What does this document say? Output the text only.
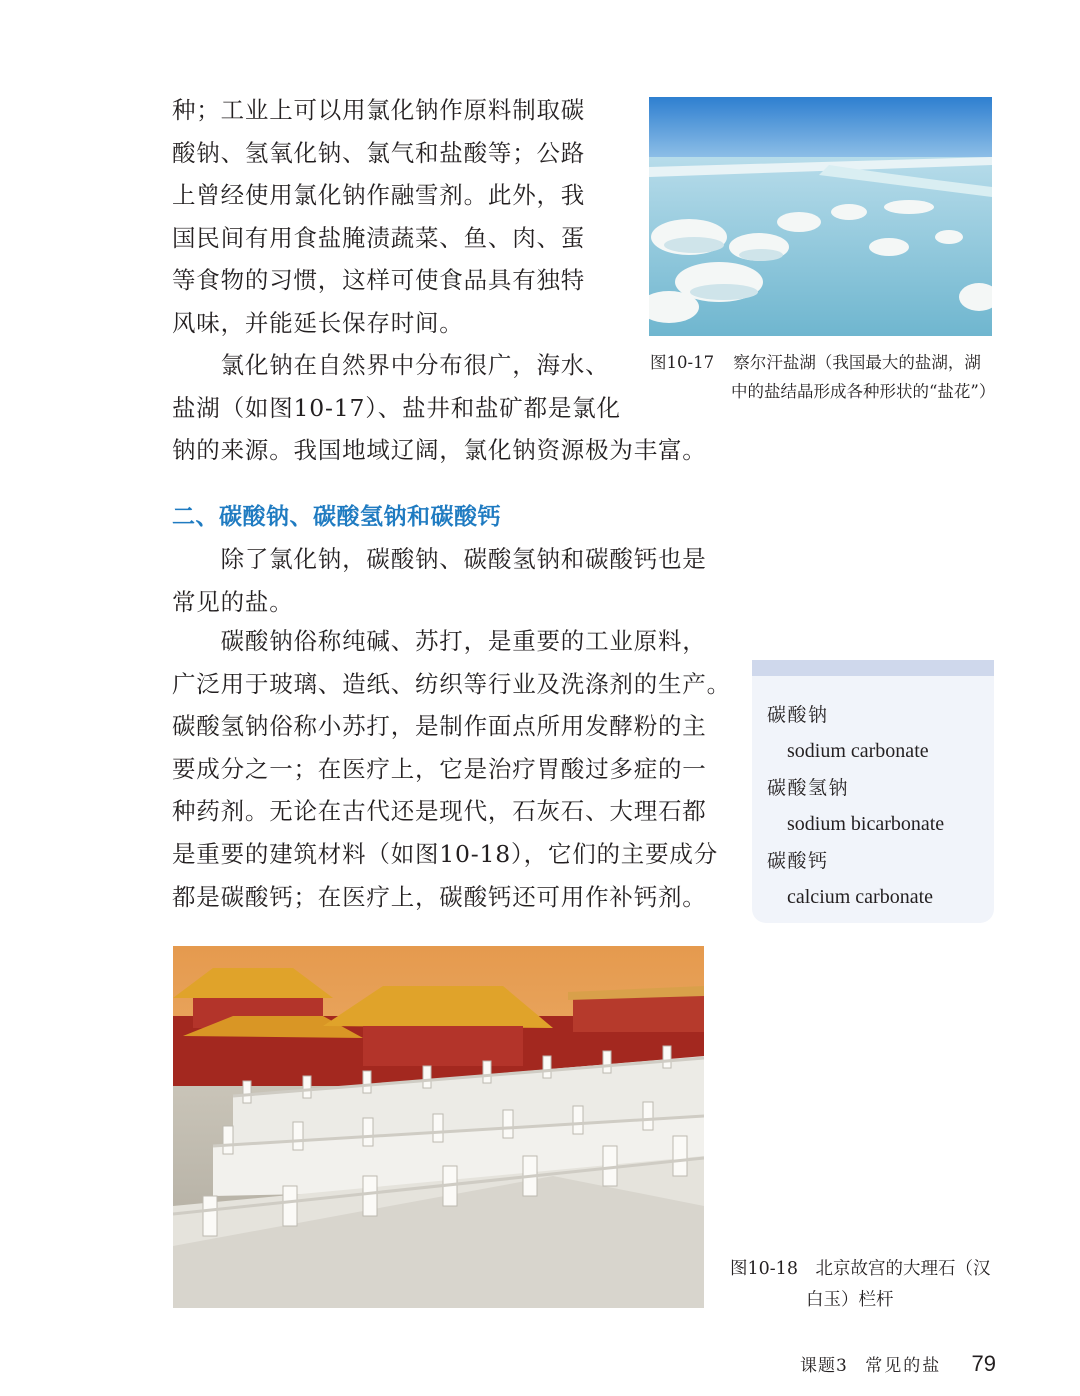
种；工业上可以用氯化钠作原料制取碳
酸钠、氢氧化钠、氯气和盐酸等；公路
上曾经使用氯化钠作融雪剂。此外，我
国民间有用食盐腌渍蔬菜、鱼、肉、蛋
等食物的习惯，这样可使食品具有独特
风味，并能延长保存时间。
　　氯化钠在自然界中分布很广，海水、
盐湖（如图10-17）、盐井和盐矿都是氯化
钠的来源。我国地域辽阔，氯化钠资源极为丰富。
图10-17 察尔汗盐湖（我国最大的盐湖，湖
中的盐结晶形成各种形状的“盐花”）
二、碳酸钠、碳酸氢钠和碳酸钙
　　除了氯化钠，碳酸钠、碳酸氢钠和碳酸钙也是
常见的盐。
　　碳酸钠俗称纯碱、苏打，是重要的工业原料，
广泛用于玻璃、造纸、纺织等行业及洗涤剂的生产。
碳酸氢钠俗称小苏打，是制作面点所用发酵粉的主
要成分之一；在医疗上，它是治疗胃酸过多症的一
种药剂。无论在古代还是现代，石灰石、大理石都
是重要的建筑材料（如图10-18），它们的主要成分
都是碳酸钙；在医疗上，碳酸钙还可用作补钙剂。
碳酸钠
sodium carbonate
碳酸氢钠
sodium bicarbonate
碳酸钙
calcium carbonate
图10-18 北京故宫的大理石（汉
白玉）栏杆
课题3 常见的盐 79
